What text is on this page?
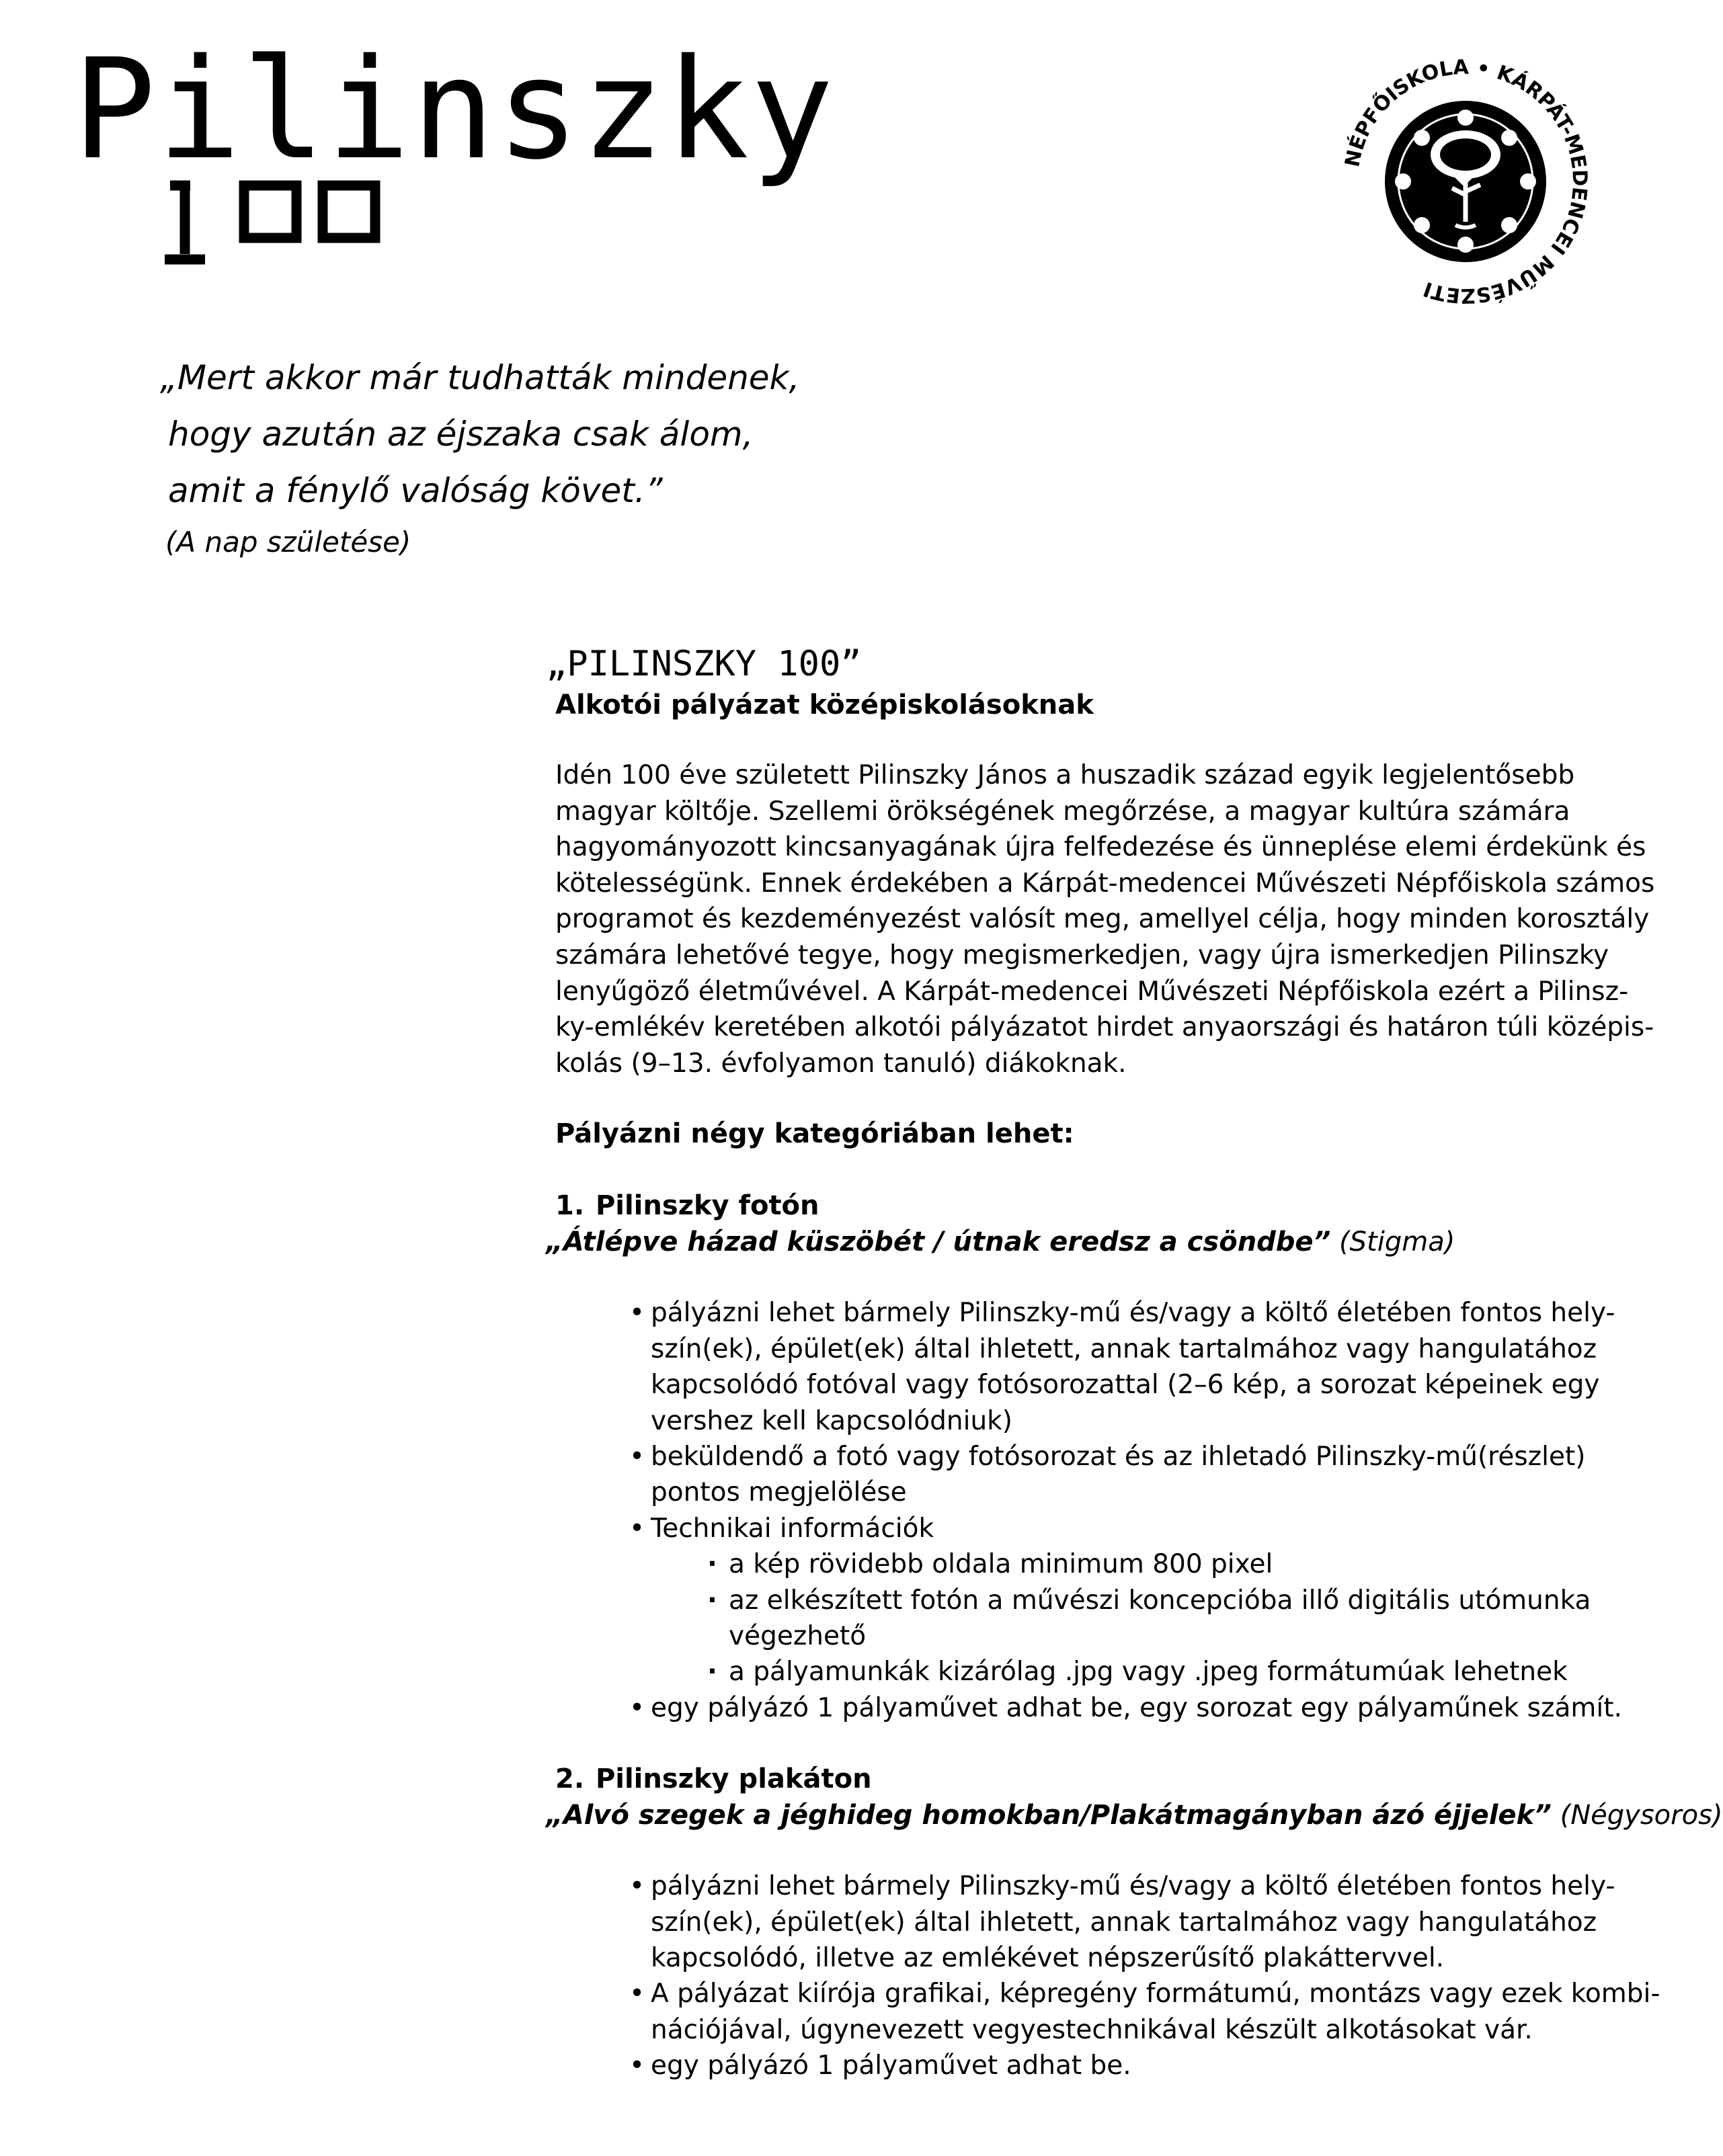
Pilinszky	NÉPFŐISKOLA • KÁRPÁT-MEDENCEI MŰVÉSZETI

„Mert akkor már tudhatták mindenek,

hogy azután az éjszaka csak álom,

amit a fénylő valóság követ.”

(A nap születése)

„PILINSZKY 100”

Alkotói pályázat középiskolásoknak

Idén 100 éve született Pilinszky János a huszadik század egyik legjelentősebb

magyar költője. Szellemi örökségének megőrzése, a magyar kultúra számára

hagyományozott kincsanyagának újra felfedezése és ünneplése elemi érdekünk és

kötelességünk. Ennek érdekében a Kárpát-medencei Művészeti Népfőiskola számos

programot és kezdeményezést valósít meg, amellyel célja, hogy minden korosztály

számára lehetővé tegye, hogy megismerkedjen, vagy újra ismerkedjen Pilinszky

lenyűgöző életművével. A Kárpát-medencei Művészeti Népfőiskola ezért a Pilinsz-

ky-emlékév keretében alkotói pályázatot hirdet anyaországi és határon túli középis-

kolás (9–13. évfolyamon tanuló) diákoknak.

Pályázni négy kategóriában lehet:

1. Pilinszky fotón

„Átlépve házad küszöbét / útnak eredsz a csöndbe” (Stigma)

• pályázni lehet bármely Pilinszky-mű és/vagy a költő életében fontos hely-
szín(ek), épület(ek) által ihletett, annak tartalmához vagy hangulatához
kapcsolódó fotóval vagy fotósorozattal (2–6 kép, a sorozat képeinek egy
vershez kell kapcsolódniuk)
• beküldendő a fotó vagy fotósorozat és az ihletadó Pilinszky-mű(részlet)
pontos megjelölése
• Technikai információk
· a kép rövidebb oldala minimum 800 pixel
· az elkészített fotón a művészi koncepcióba illő digitális utómunka
végezhető
· a pályamunkák kizárólag .jpg vagy .jpeg formátumúak lehetnek
• egy pályázó 1 pályaművet adhat be, egy sorozat egy pályaműnek számít.

2. Pilinszky plakáton

„Alvó szegek a jéghideg homokban/Plakátmagányban ázó éjjelek” (Négysoros)

• pályázni lehet bármely Pilinszky-mű és/vagy a költő életében fontos hely-
szín(ek), épület(ek) által ihletett, annak tartalmához vagy hangulatához
kapcsolódó, illetve az emlékévet népszerűsítő plakáttervvel.
• A pályázat kiírója grafikai, képregény formátumú, montázs vagy ezek kombi-
nációjával, úgynevezett vegyestechnikával készült alkotásokat vár.
• egy pályázó 1 pályaművet adhat be.
